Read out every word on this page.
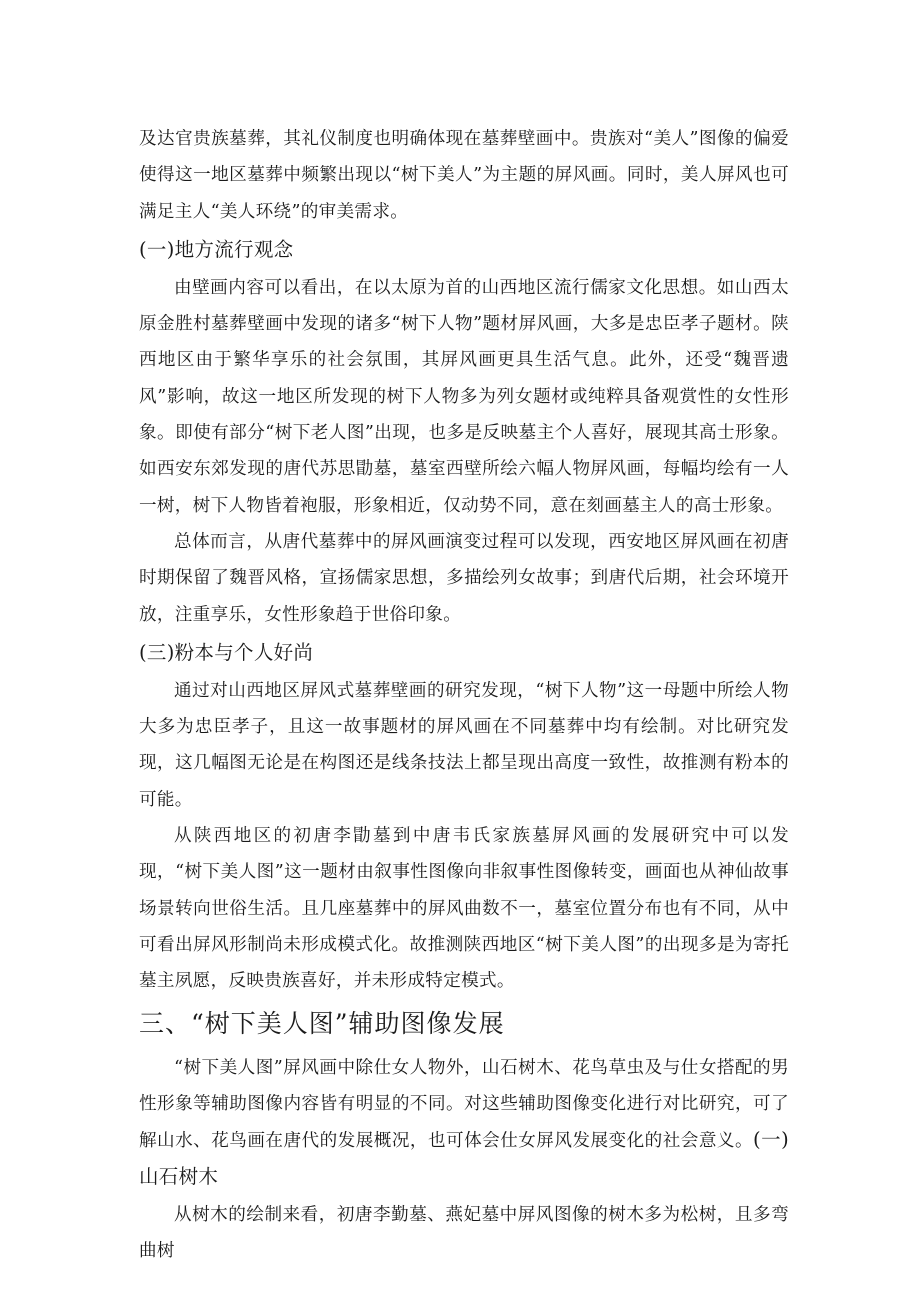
及达官贵族墓葬，其礼仪制度也明确体现在墓葬壁画中。贵族对“美人”图像的偏爱使得这一地区墓葬中频繁出现以“树下美人”为主题的屏风画。同时，美人屏风也可满足主人“美人环绕”的审美需求。

(一)地方流行观念

由壁画内容可以看出，在以太原为首的山西地区流行儒家文化思想。如山西太原金胜村墓葬壁画中发现的诸多“树下人物”题材屏风画，大多是忠臣孝子题材。陕西地区由于繁华享乐的社会氛围，其屏风画更具生活气息。此外，还受“魏晋遗风”影响，故这一地区所发现的树下人物多为列女题材或纯粹具备观赏性的女性形象。即使有部分“树下老人图”出现，也多是反映墓主个人喜好，展现其高士形象。如西安东郊发现的唐代苏思勖墓，墓室西壁所绘六幅人物屏风画，每幅均绘有一人一树，树下人物皆着袍服，形象相近，仅动势不同，意在刻画墓主人的高士形象。

总体而言，从唐代墓葬中的屏风画演变过程可以发现，西安地区屏风画在初唐时期保留了魏晋风格，宣扬儒家思想，多描绘列女故事；到唐代后期，社会环境开放，注重享乐，女性形象趋于世俗印象。

(三)粉本与个人好尚

通过对山西地区屏风式墓葬壁画的研究发现，“树下人物”这一母题中所绘人物大多为忠臣孝子，且这一故事题材的屏风画在不同墓葬中均有绘制。对比研究发现，这几幅图无论是在构图还是线条技法上都呈现出高度一致性，故推测有粉本的可能。

从陕西地区的初唐李勖墓到中唐韦氏家族墓屏风画的发展研究中可以发现，“树下美人图”这一题材由叙事性图像向非叙事性图像转变，画面也从神仙故事场景转向世俗生活。且几座墓葬中的屏风曲数不一，墓室位置分布也有不同，从中可看出屏风形制尚未形成模式化。故推测陕西地区“树下美人图”的出现多是为寄托墓主夙愿，反映贵族喜好，并未形成特定模式。

三、“树下美人图”辅助图像发展

“树下美人图”屏风画中除仕女人物外，山石树木、花鸟草虫及与仕女搭配的男性形象等辅助图像内容皆有明显的不同。对这些辅助图像变化进行对比研究，可了解山水、花鸟画在唐代的发展概况，也可体会仕女屏风发展变化的社会意义。(一)山石树木

从树木的绘制来看，初唐李勤墓、燕妃墓中屏风图像的树木多为松树，且多弯曲树
